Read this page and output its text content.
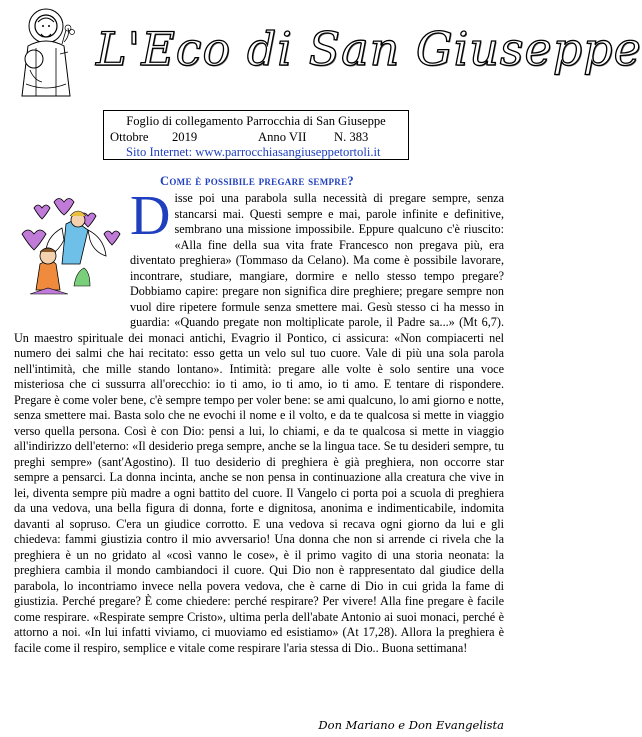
L'Eco di San Giuseppe
Foglio di collegamento Parrocchia di San Giuseppe
Ottobre	2019	Anno VII	N. 383
Sito Internet: www.parrocchiasangiuseppetortoli.it
Come è possibile pregare sempre?
D isse poi una parabola sulla necessità di pregare sempre, senza stancarsi mai. Questi sempre e mai, parole infinite e definitive, sembrano una missione impossibile. Eppure qualcuno c'è riuscito: «Alla fine della sua vita frate Francesco non pregava più, era diventato preghiera» (Tommaso da Celano). Ma come è possibile lavorare, incontrare, studiare, mangiare, dormire e nello stesso tempo pregare? Dobbiamo capire: pregare non significa dire preghiere; pregare sempre non vuol dire ripetere formule senza smettere mai. Gesù stesso ci ha messo in guardia: «Quando pregate non moltiplicate parole, il Padre sa...» (Mt 6,7). Un maestro spirituale dei monaci antichi, Evagrio il Pontico, ci assicura: «Non compiacerti nel numero dei salmi che hai recitato: esso getta un velo sul tuo cuore. Vale di più una sola parola nell'intimità, che mille stando lontano». Intimità: pregare alle volte è solo sentire una voce misteriosa che ci sussurra all'orecchio: io ti amo, io ti amo, io ti amo. E tentare di rispondere. Pregare è come voler bene, c'è sempre tempo per voler bene: se ami qualcuno, lo ami giorno e notte, senza smettere mai. Basta solo che ne evochi il nome e il volto, e da te qualcosa si mette in viaggio verso quella persona. Così è con Dio: pensi a lui, lo chiami, e da te qualcosa si mette in viaggio all'indirizzo dell'eterno: «Il desiderio prega sempre, anche se la lingua tace. Se tu desideri sempre, tu preghi sempre» (sant'Agostino). Il tuo desiderio di preghiera è già preghiera, non occorre star sempre a pensarci. La donna incinta, anche se non pensa in continuazione alla creatura che vive in lei, diventa sempre più madre a ogni battito del cuore. Il Vangelo ci porta poi a scuola di preghiera da una vedova, una bella figura di donna, forte e dignitosa, anonima e indimenticabile, indomita davanti al sopruso. C'era un giudice corrotto. E una vedova si recava ogni giorno da lui e gli chiedeva: fammi giustizia contro il mio avversario! Una donna che non si arrende ci rivela che la preghiera è un no gridato al «così vanno le cose», è il primo vagito di una storia neonata: la preghiera cambia il mondo cambiandoci il cuore. Qui Dio non è rappresentato dal giudice della parabola, lo incontriamo invece nella povera vedova, che è carne di Dio in cui grida la fame di giustizia. Perché pregare? È come chiedere: perché respirare? Per vivere! Alla fine pregare è facile come respirare. «Respirate sempre Cristo», ultima perla dell'abate Antonio ai suoi monaci, perché è attorno a noi. «In lui infatti viviamo, ci muoviamo ed esistiamo» (At 17,28). Allora la preghiera è facile come il respiro, semplice e vitale come respirare l'aria stessa di Dio.. Buona settimana!
Don Mariano e Don Evangelista
